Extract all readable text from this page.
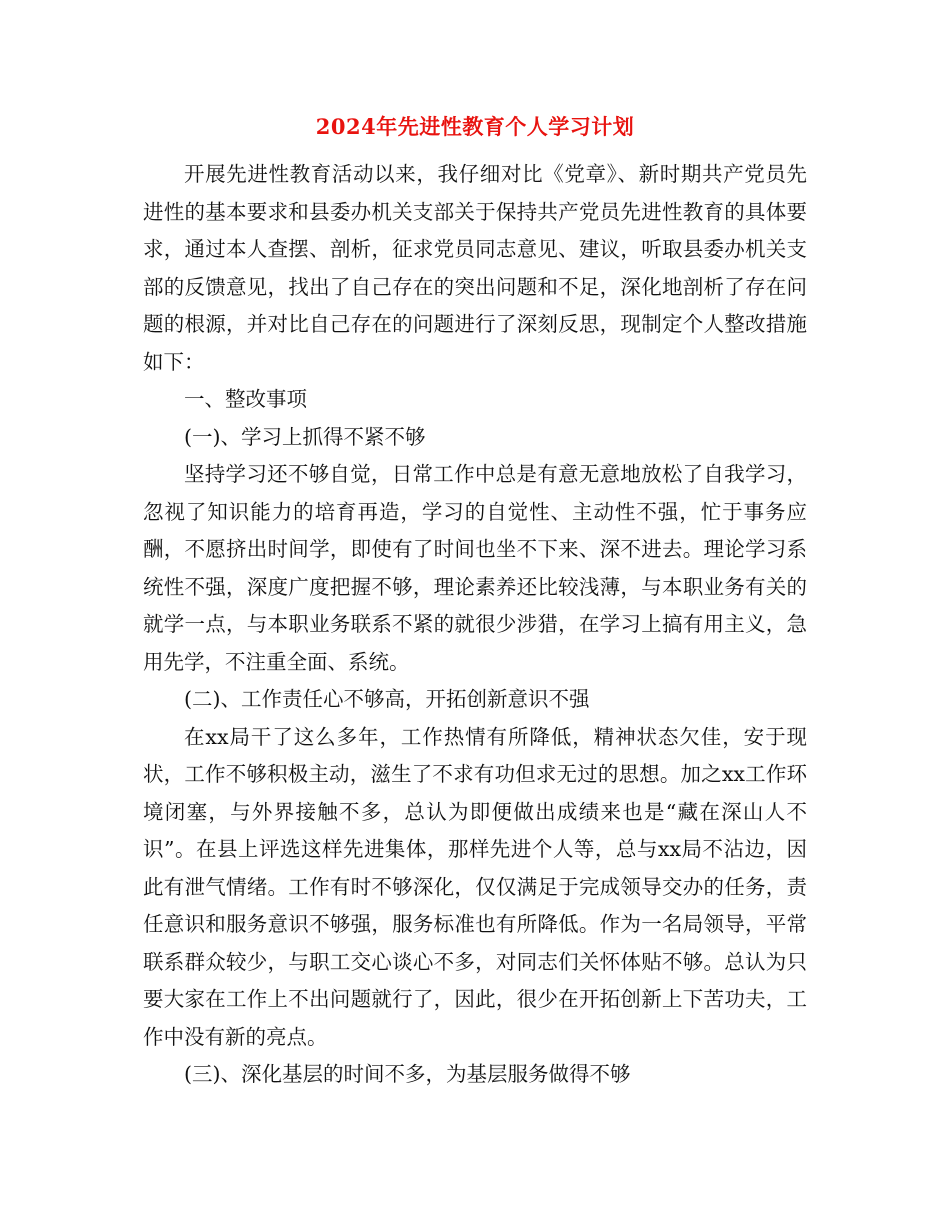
2024年先进性教育个人学习计划

开展先进性教育活动以来，我仔细对比《党章》、新时期共产党员先进性的基本要求和县委办机关支部关于保持共产党员先进性教育的具体要求，通过本人查摆、剖析，征求党员同志意见、建议，听取县委办机关支部的反馈意见，找出了自己存在的突出问题和不足，深化地剖析了存在问题的根源，并对比自己存在的问题进行了深刻反思，现制定个人整改措施如下：

一、整改事项

(一)、学习上抓得不紧不够

坚持学习还不够自觉，日常工作中总是有意无意地放松了自我学习，忽视了知识能力的培育再造，学习的自觉性、主动性不强，忙于事务应酬，不愿挤出时间学，即使有了时间也坐不下来、深不进去。理论学习系统性不强，深度广度把握不够，理论素养还比较浅薄，与本职业务有关的就学一点，与本职业务联系不紧的就很少涉猎，在学习上搞有用主义，急用先学，不注重全面、系统。

(二)、工作责任心不够高，开拓创新意识不强

在xx局干了这么多年，工作热情有所降低，精神状态欠佳，安于现状，工作不够积极主动，滋生了不求有功但求无过的思想。加之xx工作环境闭塞，与外界接触不多，总认为即便做出成绩来也是“藏在深山人不识”。在县上评选这样先进集体，那样先进个人等，总与xx局不沾边，因此有泄气情绪。工作有时不够深化，仅仅满足于完成领导交办的任务，责任意识和服务意识不够强，服务标准也有所降低。作为一名局领导，平常联系群众较少，与职工交心谈心不多，对同志们关怀体贴不够。总认为只要大家在工作上不出问题就行了，因此，很少在开拓创新上下苦功夫，工作中没有新的亮点。

(三)、深化基层的时间不多，为基层服务做得不够
